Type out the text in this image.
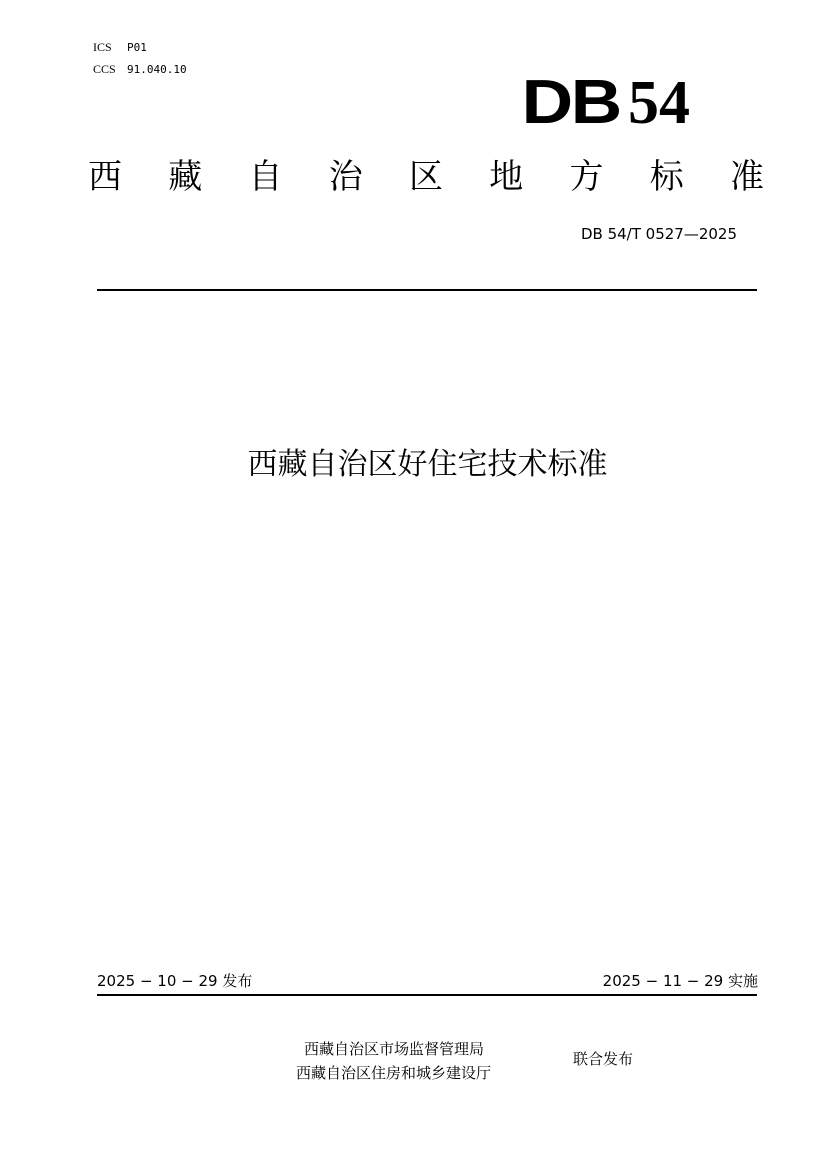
ICS P01
CCS 91.040.10	DB 54
西 藏 自 治 区 地 方 标 准
DB 54/T 0527—2025
西藏自治区好住宅技术标准
2025 − 10 − 29 发布	2025 − 11 − 29 实施
西藏自治区市场监督管理局
西藏自治区住房和城乡建设厅
联合发布
